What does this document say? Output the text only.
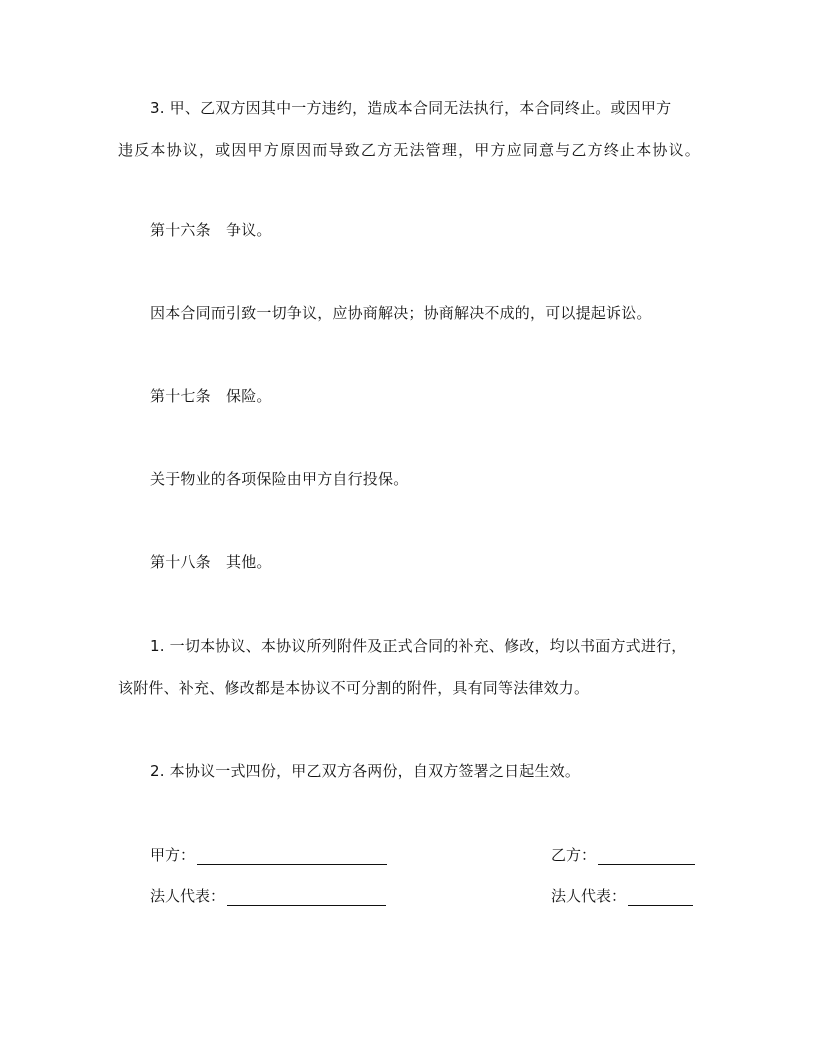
3. 甲、乙双方因其中一方违约，造成本合同无法执行，本合同终止。或因甲方
违反本协议，或因甲方原因而导致乙方无法管理，甲方应同意与乙方终止本协议。
第十六条　争议。
因本合同而引致一切争议，应协商解决；协商解决不成的，可以提起诉讼。
第十七条　保险。
关于物业的各项保险由甲方自行投保。
第十八条　其他。
1. 一切本协议、本协议所列附件及正式合同的补充、修改，均以书面方式进行，
该附件、补充、修改都是本协议不可分割的附件，具有同等法律效力。
2. 本协议一式四份，甲乙双方各两份，自双方签署之日起生效。
甲方：	乙方：
法人代表：	法人代表：
